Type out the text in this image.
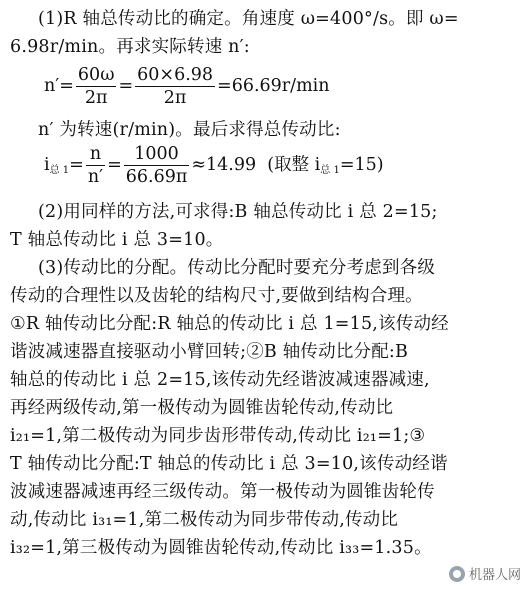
(1)R 轴总传动比的确定。角速度 ω=400°/s。即 ω=
6.98r/min。再求实际转速 n′:
$n'= \frac{60\omega}{2\pi} = \frac{60\times 6.98}{2\pi} =66.69r/\min$
n′ 为转速(r/min)。最后求得总传动比:
$i_{总 1}= \frac{n}{n'} = \frac{1000}{66.69\pi} \approx 14.99$ (取整 $i_{总 1}=15$)
(2)用同样的方法,可求得:B 轴总传动比 i 总 2=15;
T 轴总传动比 i 总 3=10。
(3)传动比的分配。传动比分配时要充分考虑到各级
传动的合理性以及齿轮的结构尺寸,要做到结构合理。
①R 轴传动比分配:R 轴总的传动比 i 总 1=15,该传动经
谐波减速器直接驱动小臂回转;②B 轴传动比分配:B
轴总的传动比 i 总 2=15,该传动先经谐波减速器减速,
再经两级传动,第一极传动为圆锥齿轮传动,传动比
i₂₁=1,第二极传动为同步齿形带传动,传动比 i₂₁=1;③
T 轴传动比分配:T 轴总的传动比 i 总 3=10,该传动经谐
波减速器减速再经三级传动。第一极传动为圆锥齿轮传
动,传动比 i₃₁=1,第二极传动为同步带传动,传动比
i₃₂=1,第三极传动为圆锥齿轮传动,传动比 i₃₃=1.35。
机器人网
